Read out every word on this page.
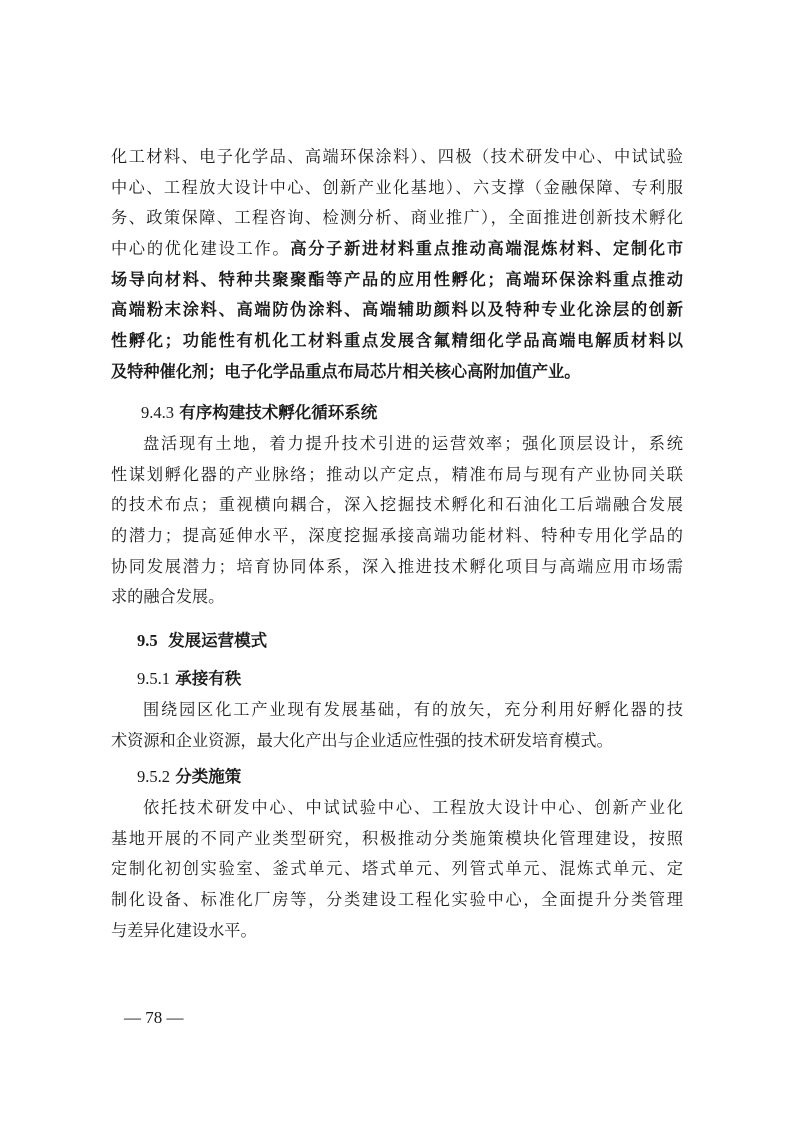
化工材料、电子化学品、高端环保涂料）、四极（技术研发中心、中试试验
中心、工程放大设计中心、创新产业化基地）、六支撑（金融保障、专利服
务、政策保障、工程咨询、检测分析、商业推广），全面推进创新技术孵化
中心的优化建设工作。高分子新进材料重点推动高端混炼材料、定制化市
场导向材料、特种共聚聚酯等产品的应用性孵化；高端环保涂料重点推动
高端粉末涂料、高端防伪涂料、高端辅助颜料以及特种专业化涂层的创新
性孵化；功能性有机化工材料重点发展含氟精细化学品高端电解质材料以
及特种催化剂；电子化学品重点布局芯片相关核心高附加值产业。
9.4.3 有序构建技术孵化循环系统
盘活现有土地，着力提升技术引进的运营效率；强化顶层设计，系统
性谋划孵化器的产业脉络；推动以产定点，精准布局与现有产业协同关联
的技术布点；重视横向耦合，深入挖掘技术孵化和石油化工后端融合发展
的潜力；提高延伸水平，深度挖掘承接高端功能材料、特种专用化学品的
协同发展潜力；培育协同体系，深入推进技术孵化项目与高端应用市场需
求的融合发展。
9.5 发展运营模式
9.5.1 承接有秩
围绕园区化工产业现有发展基础，有的放矢，充分利用好孵化器的技
术资源和企业资源，最大化产出与企业适应性强的技术研发培育模式。
9.5.2 分类施策
依托技术研发中心、中试试验中心、工程放大设计中心、创新产业化
基地开展的不同产业类型研究，积极推动分类施策模块化管理建设，按照
定制化初创实验室、釜式单元、塔式单元、列管式单元、混炼式单元、定
制化设备、标准化厂房等，分类建设工程化实验中心，全面提升分类管理
与差异化建设水平。
— 78 —
